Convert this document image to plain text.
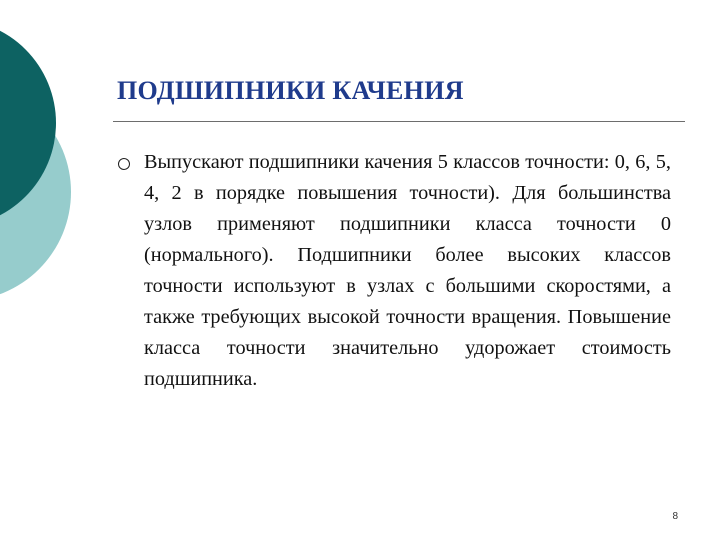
ПОДШИПНИКИ КАЧЕНИЯ
Выпускают подшипники качения 5 классов точности: 0, 6, 5, 4, 2 в порядке повышения точности). Для большинства узлов применяют подшипники класса точности 0 (нормального). Подшипники более высоких классов точности используют в узлах с большими скоростями, а также требующих высокой точности вращения. Повышение класса точности значительно удорожает стоимость подшипника.
8
